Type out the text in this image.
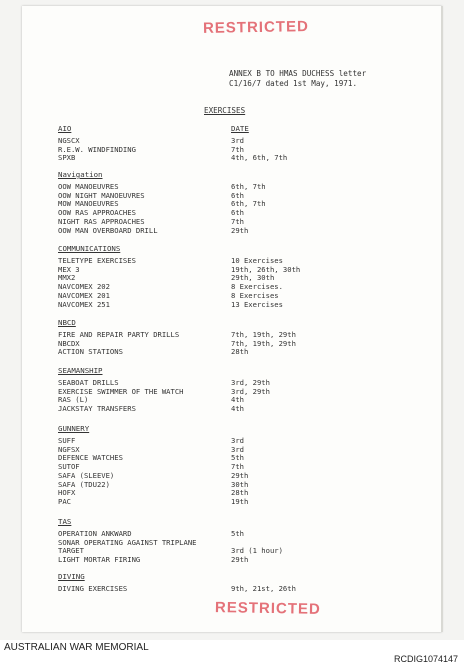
RESTRICTED
ANNEX B TO HMAS DUCHESS letter
C1/16/7 dated 1st May, 1971.
EXERCISES
DATE
AIO
NGSCX	3rd
R.E.W. WINDFINDING	7th
SPXB	4th, 6th, 7th
Navigation
OOW MANOEUVRES	6th, 7th
OOW NIGHT MANOEUVRES	6th
MOW MANOEUVRES	6th, 7th
OOW RAS APPROACHES	6th
NIGHT RAS APPROACHES	7th
OOW MAN OVERBOARD DRILL	29th
COMMUNICATIONS
TELETYPE EXERCISES	10 Exercises
MEX 3	19th, 26th, 30th
MMX2	29th, 30th
NAVCOMEX 202	8 Exercises.
NAVCOMEX 201	8 Exercises
NAVCOMEX 251	13 Exercises
NBCD
FIRE AND REPAIR PARTY DRILLS	7th, 19th, 29th
NBCDX	7th, 19th, 29th
ACTION STATIONS	28th
SEAMANSHIP
SEABOAT DRILLS	3rd, 29th
EXERCISE SWIMMER OF THE WATCH	3rd, 29th
RAS (L)	4th
JACKSTAY TRANSFERS	4th
GUNNERY
SUFF	3rd
NGFSX	3rd
DEFENCE WATCHES	5th
SUTOF	7th
SAFA (SLEEVE)	29th
SAFA (TDU22)	30th
HOFX	28th
PAC	19th
TAS
OPERATION ANKWARD	5th
SONAR OPERATING AGAINST TRIPLANE
TARGET	3rd (1 hour)
LIGHT MORTAR FIRING	29th
DIVING
DIVING EXERCISES	9th, 21st, 26th
RESTRICTED
AUSTRALIAN WAR MEMORIAL
RCDIG1074147
